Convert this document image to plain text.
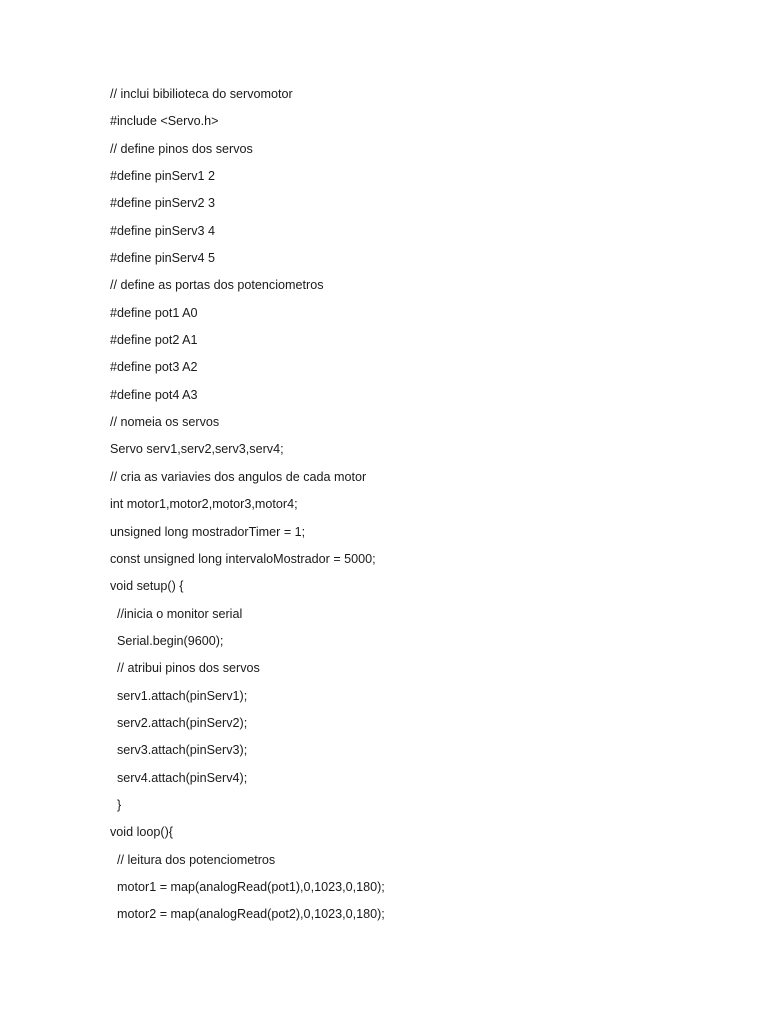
// inclui bibilioteca do servomotor

#include <Servo.h>

// define pinos dos servos

#define pinServ1 2

#define pinServ2 3

#define pinServ3 4

#define pinServ4 5

// define as portas dos potenciometros

#define pot1 A0

#define pot2 A1

#define pot3 A2

#define pot4 A3

// nomeia os servos

Servo serv1,serv2,serv3,serv4;

// cria as variavies dos angulos de cada motor

int motor1,motor2,motor3,motor4;

unsigned long mostradorTimer = 1;

const unsigned long intervaloMostrador = 5000;

void setup() {

//inicia o monitor serial

Serial.begin(9600);

// atribui pinos dos servos

serv1.attach(pinServ1);

serv2.attach(pinServ2);

serv3.attach(pinServ3);

serv4.attach(pinServ4);

}

void loop(){

// leitura dos potenciometros

motor1 = map(analogRead(pot1),0,1023,0,180);

motor2 = map(analogRead(pot2),0,1023,0,180);
